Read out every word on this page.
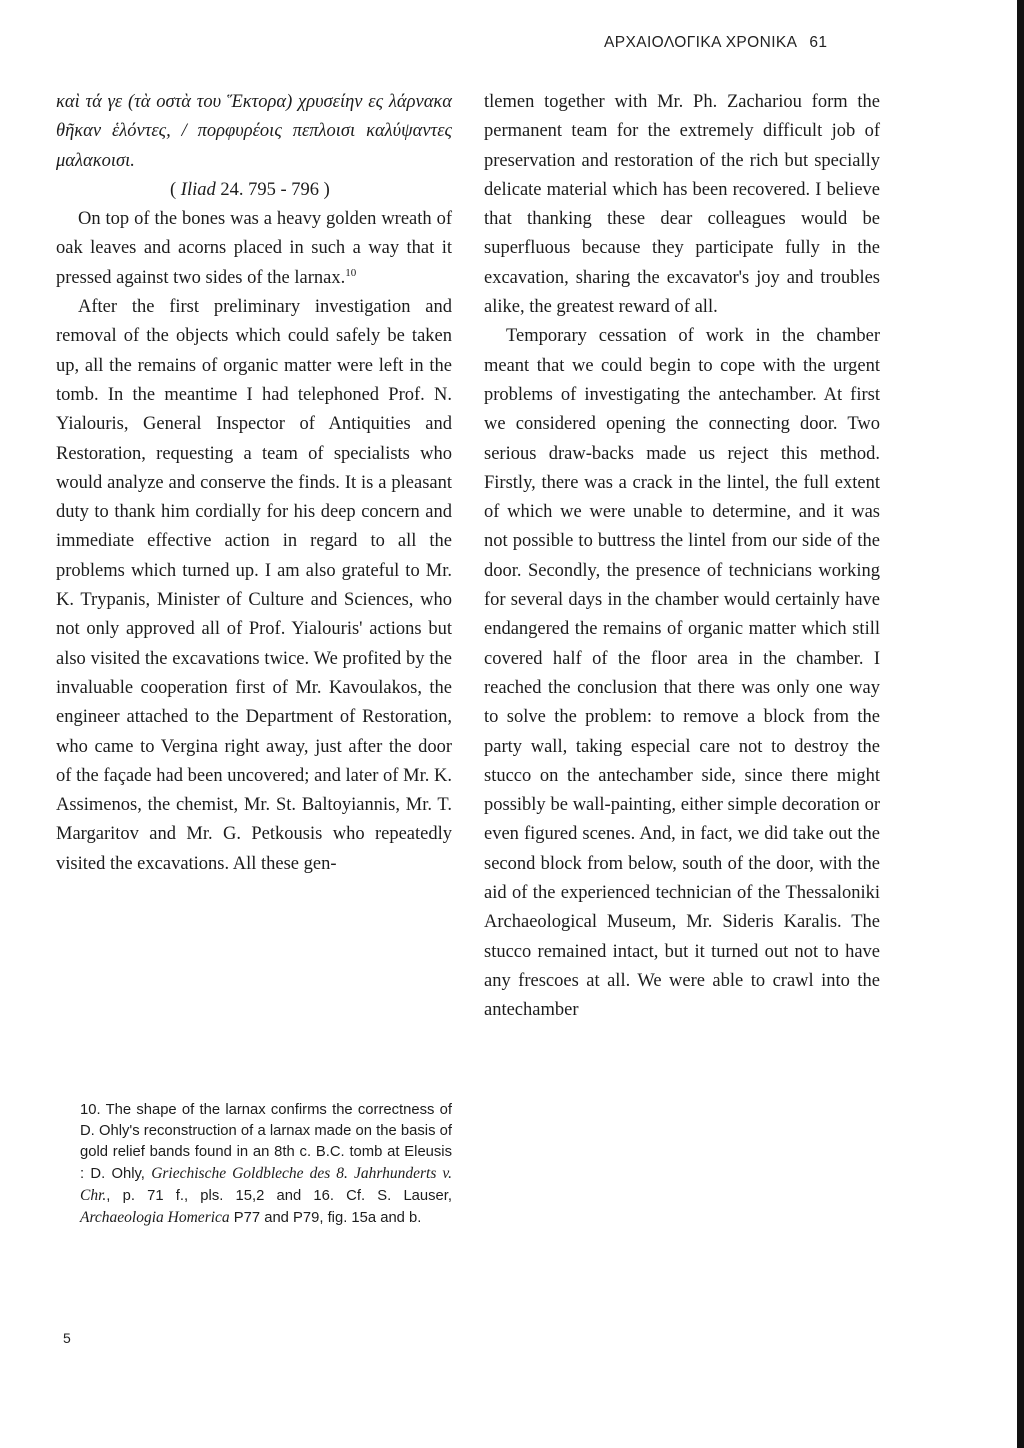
ΑΡΧΑΙΟΛΟΓΙΚΑ ΧΡΟΝΙΚΑ 61

καὶ τά γε (τὰ οστὰ του Ἕκτορα) χρυσείην ες λάρνακα θῆκαν ἑλόντες, / πορφυρέοις πεπλοισι καλύψαντες μαλακοισι.

( Iliad 24. 795 - 796 )

On top of the bones was a heavy golden wreath of oak leaves and acorns placed in such a way that it pressed against two sides of the larnax.$^{10}$

After the first preliminary investigation and removal of the objects which could safely be taken up, all the remains of organic matter were left in the tomb. In the meantime I had telephoned Prof. N. Yialouris, General Inspector of Antiquities and Restoration, requesting a team of specialists who would analyze and conserve the finds. It is a pleasant duty to thank him cordially for his deep concern and immediate effective action in regard to all the problems which turned up. I am also grateful to Mr. K. Trypanis, Minister of Culture and Sciences, who not only approved all of Prof. Yialouris' actions but also visited the excavations twice. We profited by the invaluable cooperation first of Mr. Kavoulakos, the engineer attached to the Department of Restoration, who came to Vergina right away, just after the door of the façade had been uncovered; and later of Mr. K. Assimenos, the chemist, Mr. St. Baltoyiannis, Mr. T. Margaritov and Mr. G. Petkousis who repeatedly visited the excavations. All these gen-

tlemen together with Mr. Ph. Zachariou form the permanent team for the extremely difficult job of preservation and restoration of the rich but specially delicate material which has been recovered. I believe that thanking these dear colleagues would be superfluous because they participate fully in the excavation, sharing the excavator's joy and troubles alike, the greatest reward of all.

Temporary cessation of work in the chamber meant that we could begin to cope with the urgent problems of investigating the antechamber. At first we considered opening the connecting door. Two serious draw-backs made us reject this method. Firstly, there was a crack in the lintel, the full extent of which we were unable to determine, and it was not possible to buttress the lintel from our side of the door. Secondly, the presence of technicians working for several days in the chamber would certainly have endangered the remains of organic matter which still covered half of the floor area in the chamber. I reached the conclusion that there was only one way to solve the problem: to remove a block from the party wall, taking especial care not to destroy the stucco on the antechamber side, since there might possibly be wall-painting, either simple decoration or even figured scenes. And, in fact, we did take out the second block from below, south of the door, with the aid of the experienced technician of the Thessaloniki Archaeological Museum, Mr. Sideris Karalis. The stucco remained intact, but it turned out not to have any frescoes at all. We were able to crawl into the antechamber

10. The shape of the larnax confirms the correctness of D. Ohly's reconstruction of a larnax made on the basis of gold relief bands found in an 8th c. B.C. tomb at Eleusis : D. Ohly, Griechische Goldbleche des 8. Jahrhunderts v. Chr., p. 71 f., pls. 15,2 and 16. Cf. S. Lauser, Archaeologia Homerica P77 and P79, fig. 15a and b.
5
